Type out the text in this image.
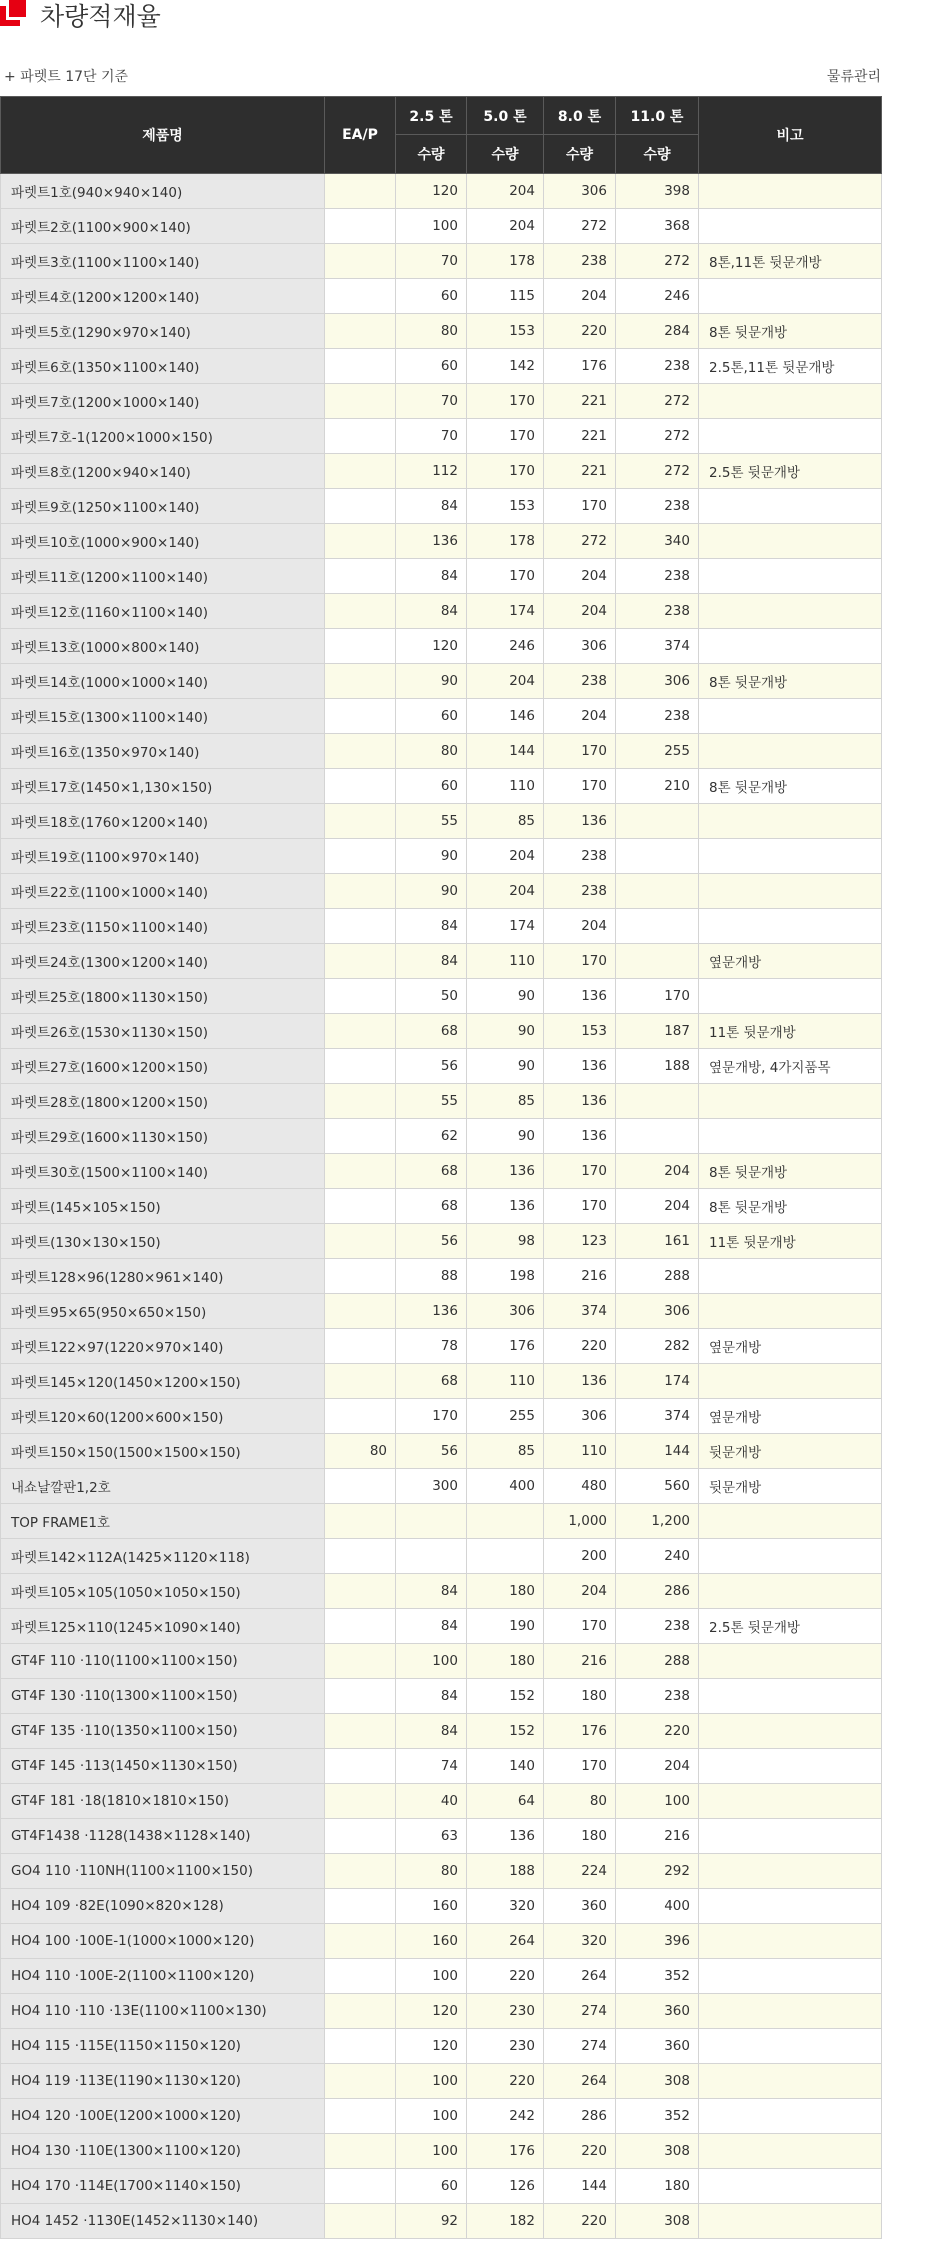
차량적재율
+ 파렛트 17단 기준	물류관리
제품명	EA/P	2.5 톤	5.0 톤	8.0 톤	11.0 톤	비고
		수량	수량	수량	수량	
파렛트1호(940×940×140)		120	204	306	398	
파렛트2호(1100×900×140)		100	204	272	368	
파렛트3호(1100×1100×140)		70	178	238	272	8톤,11톤 뒷문개방
파렛트4호(1200×1200×140)		60	115	204	246	
파렛트5호(1290×970×140)		80	153	220	284	8톤 뒷문개방
파렛트6호(1350×1100×140)		60	142	176	238	2.5톤,11톤 뒷문개방
파렛트7호(1200×1000×140)		70	170	221	272	
파렛트7호-1(1200×1000×150)		70	170	221	272	
파렛트8호(1200×940×140)		112	170	221	272	2.5톤 뒷문개방
파렛트9호(1250×1100×140)		84	153	170	238	
파렛트10호(1000×900×140)		136	178	272	340	
파렛트11호(1200×1100×140)		84	170	204	238	
파렛트12호(1160×1100×140)		84	174	204	238	
파렛트13호(1000×800×140)		120	246	306	374	
파렛트14호(1000×1000×140)		90	204	238	306	8톤 뒷문개방
파렛트15호(1300×1100×140)		60	146	204	238	
파렛트16호(1350×970×140)		80	144	170	255	
파렛트17호(1450×1,130×150)		60	110	170	210	8톤 뒷문개방
파렛트18호(1760×1200×140)		55	85	136		
파렛트19호(1100×970×140)		90	204	238		
파렛트22호(1100×1000×140)		90	204	238		
파렛트23호(1150×1100×140)		84	174	204		
파렛트24호(1300×1200×140)		84	110	170		옆문개방
파렛트25호(1800×1130×150)		50	90	136	170	
파렛트26호(1530×1130×150)		68	90	153	187	11톤 뒷문개방
파렛트27호(1600×1200×150)		56	90	136	188	옆문개방, 4가지품목
파렛트28호(1800×1200×150)		55	85	136		
파렛트29호(1600×1130×150)		62	90	136		
파렛트30호(1500×1100×140)		68	136	170	204	8톤 뒷문개방
파렛트(145×105×150)		68	136	170	204	8톤 뒷문개방
파렛트(130×130×150)		56	98	123	161	11톤 뒷문개방
파렛트128×96(1280×961×140)		88	198	216	288	
파렛트95×65(950×650×150)		136	306	374	306	
파렛트122×97(1220×970×140)		78	176	220	282	옆문개방
파렛트145×120(1450×1200×150)		68	110	136	174	
파렛트120×60(1200×600×150)		170	255	306	374	옆문개방
파렛트150×150(1500×1500×150)	80	56	85	110	144	뒷문개방
내쇼날깔판1,2호		300	400	480	560	뒷문개방
TOP FRAME1호				1,000	1,200	
파렛트142×112A(1425×1120×118)				200	240	
파렛트105×105(1050×1050×150)		84	180	204	286	
파렛트125×110(1245×1090×140)		84	190	170	238	2.5톤 뒷문개방
GT4F 110 ·110(1100×1100×150)		100	180	216	288	
GT4F 130 ·110(1300×1100×150)		84	152	180	238	
GT4F 135 ·110(1350×1100×150)		84	152	176	220	
GT4F 145 ·113(1450×1130×150)		74	140	170	204	
GT4F 181 ·18(1810×1810×150)		40	64	80	100	
GT4F1438 ·1128(1438×1128×140)		63	136	180	216	
GO4 110 ·110NH(1100×1100×150)		80	188	224	292	
HO4 109 ·82E(1090×820×128)		160	320	360	400	
HO4 100 ·100E-1(1000×1000×120)		160	264	320	396	
HO4 110 ·100E-2(1100×1100×120)		100	220	264	352	
HO4 110 ·110 ·13E(1100×1100×130)		120	230	274	360	
HO4 115 ·115E(1150×1150×120)		120	230	274	360	
HO4 119 ·113E(1190×1130×120)		100	220	264	308	
HO4 120 ·100E(1200×1000×120)		100	242	286	352	
HO4 130 ·110E(1300×1100×120)		100	176	220	308	
HO4 170 ·114E(1700×1140×150)		60	126	144	180	
HO4 1452 ·1130E(1452×1130×140)		92	182	220	308	
